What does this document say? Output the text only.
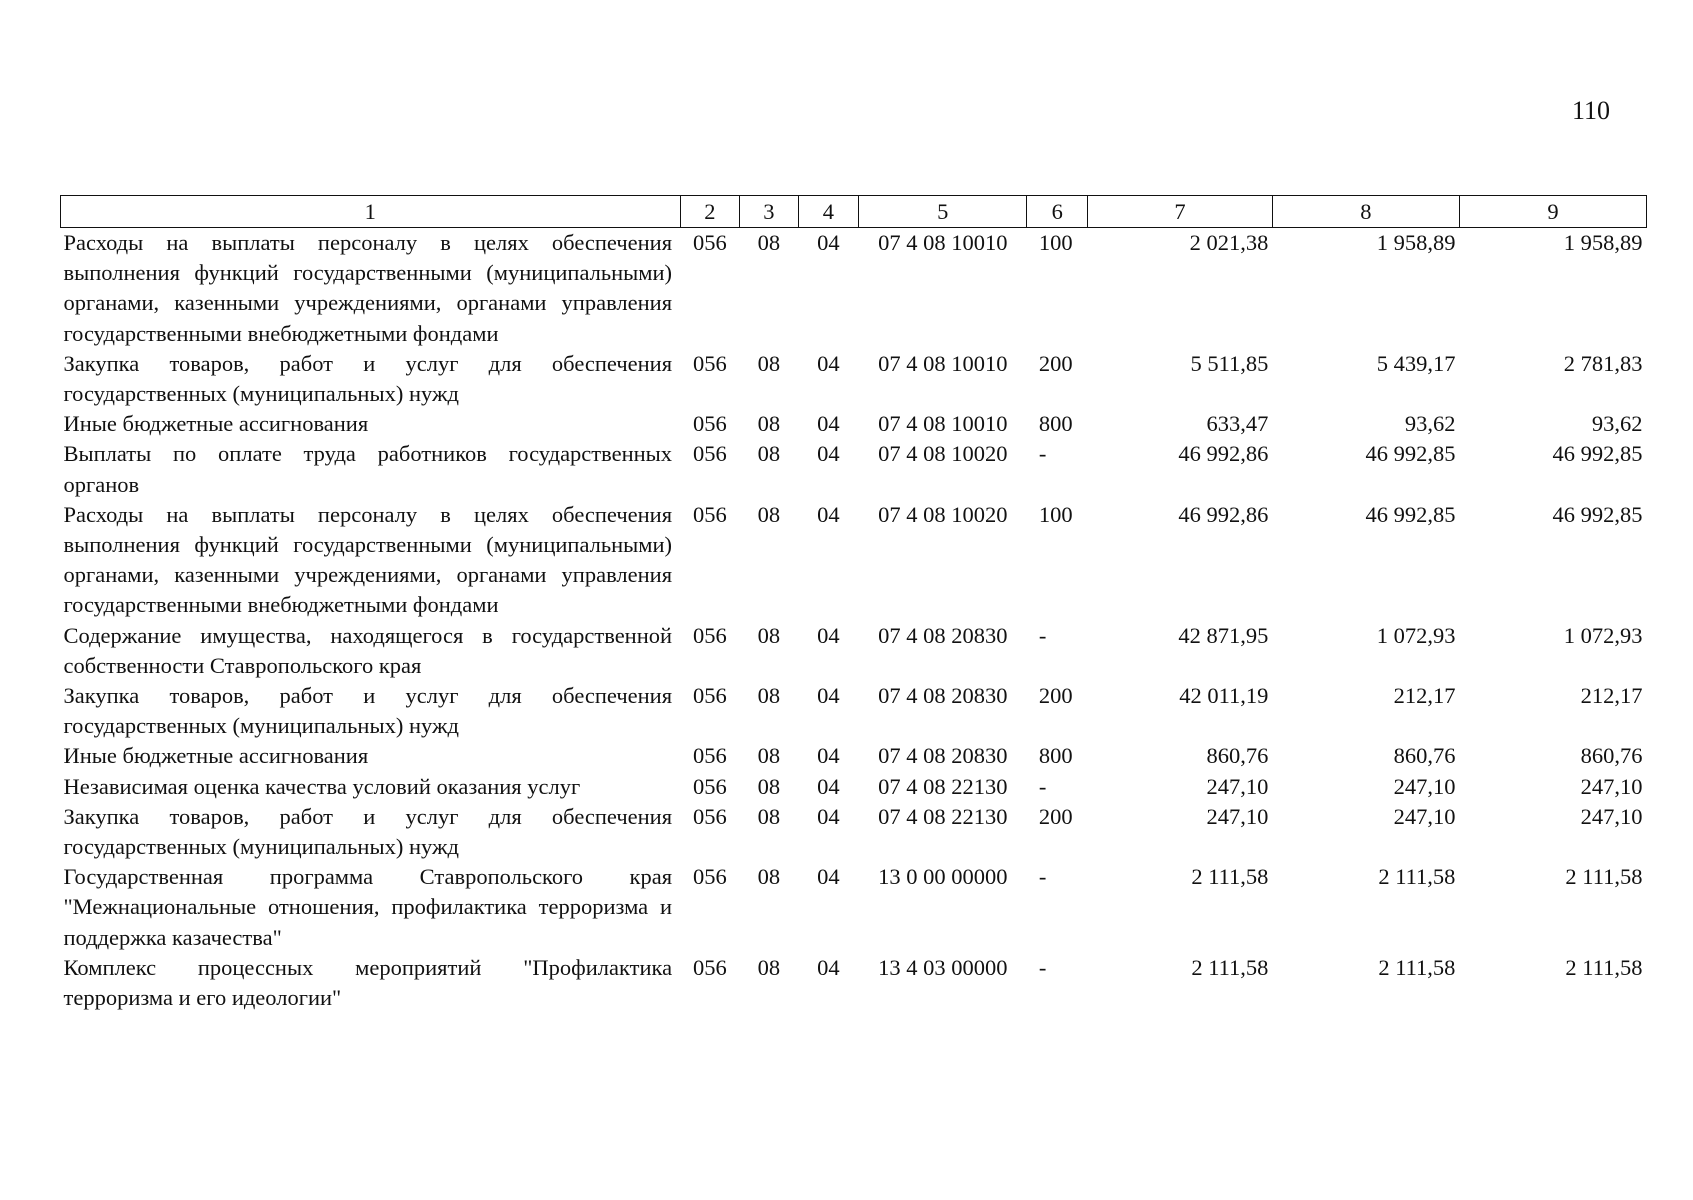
110
1	2	3	4	5	6	7	8	9
Расходы на выплаты персоналу в целях обеспечения выполнения функций государственными (муниципальными) органами, казенными учреждениями, органами управления государственными внебюджетными фондами	056	08	04	07 4 08 10010	100	2 021,38	1 958,89	1 958,89
Закупка товаров, работ и услуг для обеспечения государственных (муниципальных) нужд	056	08	04	07 4 08 10010	200	5 511,85	5 439,17	2 781,83
Иные бюджетные ассигнования	056	08	04	07 4 08 10010	800	633,47	93,62	93,62
Выплаты по оплате труда работников государственных органов	056	08	04	07 4 08 10020	-	46 992,86	46 992,85	46 992,85
Расходы на выплаты персоналу в целях обеспечения выполнения функций государственными (муниципальными) органами, казенными учреждениями, органами управления государственными внебюджетными фондами	056	08	04	07 4 08 10020	100	46 992,86	46 992,85	46 992,85
Содержание имущества, находящегося в государственной собственности Ставропольского края	056	08	04	07 4 08 20830	-	42 871,95	1 072,93	1 072,93
Закупка товаров, работ и услуг для обеспечения государственных (муниципальных) нужд	056	08	04	07 4 08 20830	200	42 011,19	212,17	212,17
Иные бюджетные ассигнования	056	08	04	07 4 08 20830	800	860,76	860,76	860,76
Независимая оценка качества условий оказания услуг	056	08	04	07 4 08 22130	-	247,10	247,10	247,10
Закупка товаров, работ и услуг для обеспечения государственных (муниципальных) нужд	056	08	04	07 4 08 22130	200	247,10	247,10	247,10
Государственная программа Ставропольского края "Межнациональные отношения, профилактика терроризма и поддержка казачества"	056	08	04	13 0 00 00000	-	2 111,58	2 111,58	2 111,58
Комплекс процессных мероприятий "Профилактика терроризма и его идеологии"	056	08	04	13 4 03 00000	-	2 111,58	2 111,58	2 111,58
